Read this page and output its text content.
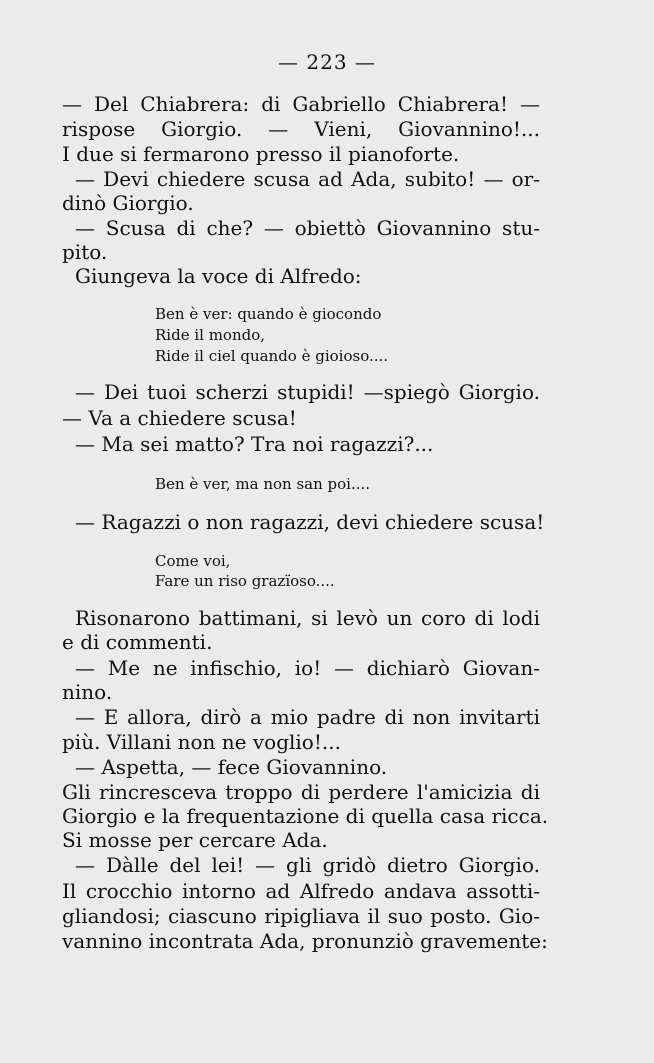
— 223 —
— Del Chiabrera: di Gabriello Chiabrera! —
rispose Giorgio. — Vieni, Giovannino!...
I due si fermarono presso il pianoforte.
— Devi chiedere scusa ad Ada, subito! — or-
dinò Giorgio.
— Scusa di che? — obiettò Giovannino stu-
pito.
Giungeva la voce di Alfredo:
Ben è ver: quando è giocondo
Ride il mondo,
Ride il ciel quando è gioioso....
— Dei tuoi scherzi stupidi! —spiegò Giorgio.
— Va a chiedere scusa!
— Ma sei matto? Tra noi ragazzi?...
Ben è ver, ma non san poi....
— Ragazzi o non ragazzi, devi chiedere scusa!
Come voi,
Fare un riso grazïoso....
Risonarono battimani, si levò un coro di lodi
e di commenti.
— Me ne infischio, io! — dichiarò Giovan-
nino.
— E allora, dirò a mio padre di non invitarti
più. Villani non ne voglio!...
— Aspetta, — fece Giovannino.
Gli rincresceva troppo di perdere l'amicizia di
Giorgio e la frequentazione di quella casa ricca.
Si mosse per cercare Ada.
— Dàlle del lei! — gli gridò dietro Giorgio.
Il crocchio intorno ad Alfredo andava assotti-
gliandosi; ciascuno ripigliava il suo posto. Gio-
vannino incontrata Ada, pronunziò gravemente:
